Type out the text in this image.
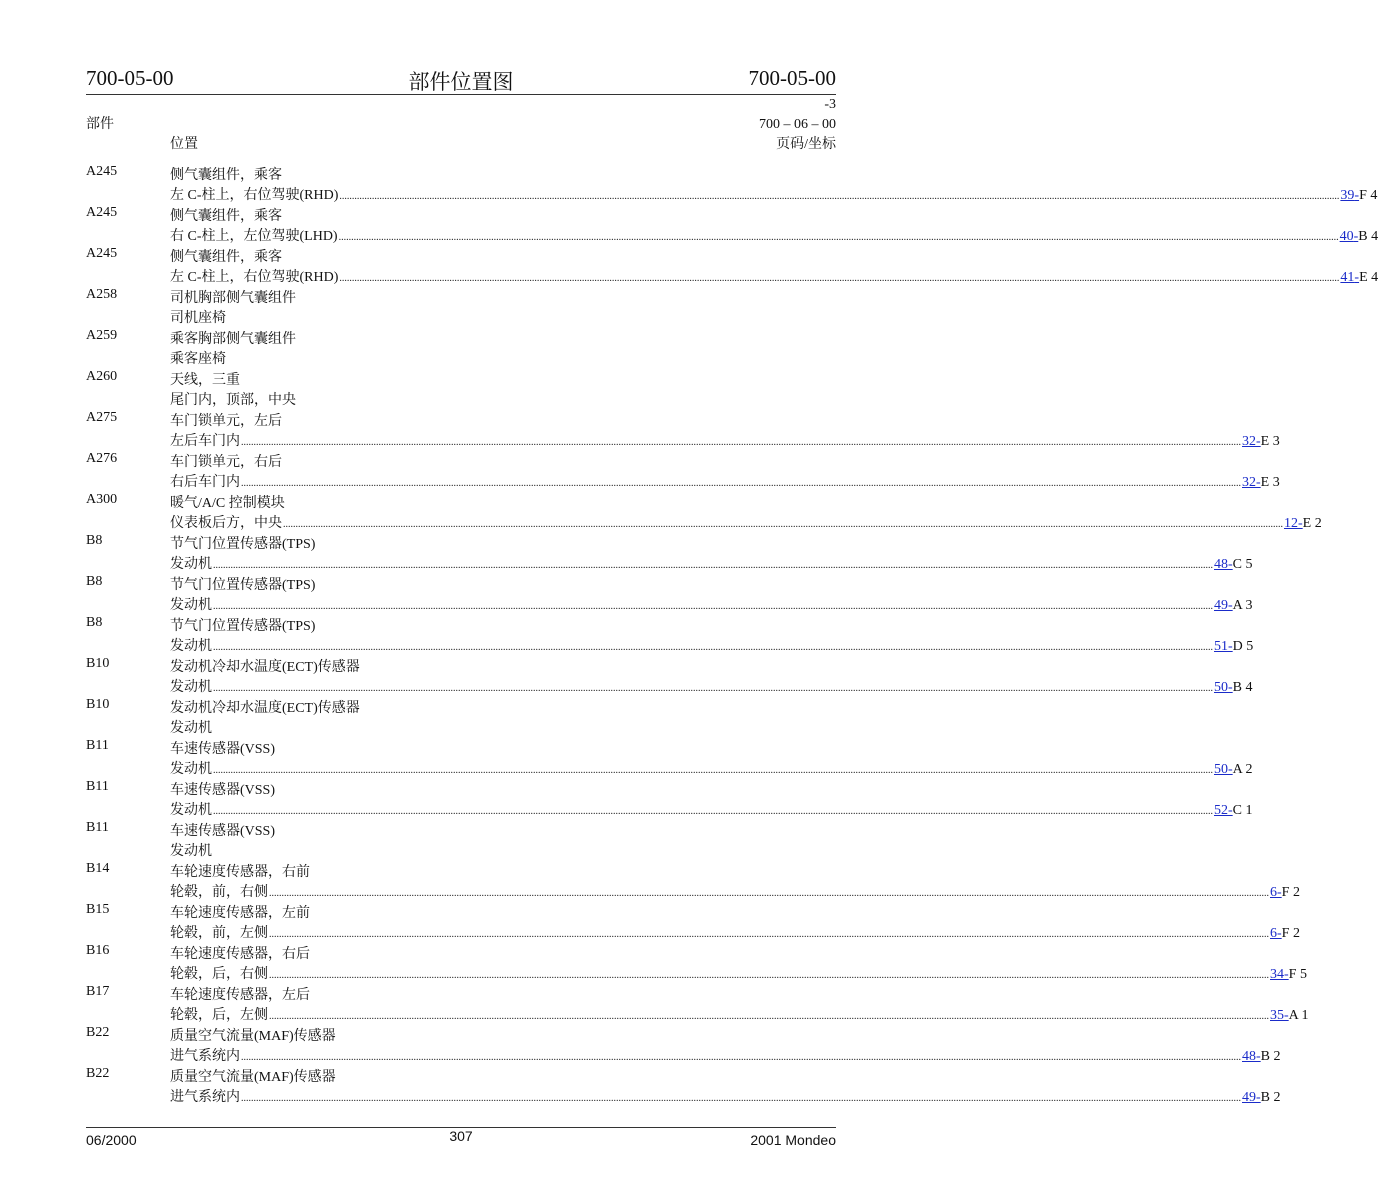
700-05-00	部件位置图	700-05-00
-3
部件	700 – 06 – 00
位置	页码/坐标
A245	侧气囊组件，乘客
左 C-柱上，右位驾驶(RHD) ................................................................................................................................................................................................................................................................................................................................................................................................................ 39-F 4
A245	侧气囊组件，乘客
右 C-柱上，左位驾驶(LHD) ................................................................................................................................................................................................................................................................................................................................................................................................................ 40-B 4
A245	侧气囊组件，乘客
左 C-柱上，右位驾驶(RHD) ................................................................................................................................................................................................................................................................................................................................................................................................................ 41-E 4
A258	司机胸部侧气囊组件
司机座椅
A259	乘客胸部侧气囊组件
乘客座椅
A260	天线，三重
尾门内，顶部，中央
A275	车门锁单元，左后
左后车门内 ................................................................................................................................................................................................................................................................................................................................................................................................................ 32-E 3
A276	车门锁单元，右后
右后车门内 ................................................................................................................................................................................................................................................................................................................................................................................................................ 32-E 3
A300	暖气/A/C 控制模块
仪表板后方，中央 ................................................................................................................................................................................................................................................................................................................................................................................................................ 12-E 2
B8	节气门位置传感器(TPS)
发动机 ................................................................................................................................................................................................................................................................................................................................................................................................................ 48-C 5
B8	节气门位置传感器(TPS)
发动机 ................................................................................................................................................................................................................................................................................................................................................................................................................ 49-A 3
B8	节气门位置传感器(TPS)
发动机 ................................................................................................................................................................................................................................................................................................................................................................................................................ 51-D 5
B10	发动机冷却水温度(ECT)传感器
发动机 ................................................................................................................................................................................................................................................................................................................................................................................................................ 50-B 4
B10	发动机冷却水温度(ECT)传感器
发动机
B11	车速传感器(VSS)
发动机 ................................................................................................................................................................................................................................................................................................................................................................................................................ 50-A 2
B11	车速传感器(VSS)
发动机 ................................................................................................................................................................................................................................................................................................................................................................................................................ 52-C 1
B11	车速传感器(VSS)
发动机
B14	车轮速度传感器，右前
轮毂，前，右侧 ................................................................................................................................................................................................................................................................................................................................................................................................................ 6-F 2
B15	车轮速度传感器，左前
轮毂，前，左侧 ................................................................................................................................................................................................................................................................................................................................................................................................................ 6-F 2
B16	车轮速度传感器，右后
轮毂，后，右侧 ................................................................................................................................................................................................................................................................................................................................................................................................................ 34-F 5
B17	车轮速度传感器，左后
轮毂，后，左侧 ................................................................................................................................................................................................................................................................................................................................................................................................................ 35-A 1
B22	质量空气流量(MAF)传感器
进气系统内 ................................................................................................................................................................................................................................................................................................................................................................................................................ 48-B 2
B22	质量空气流量(MAF)传感器
进气系统内 ................................................................................................................................................................................................................................................................................................................................................................................................................ 49-B 2
06/2000	307	2001 Mondeo
